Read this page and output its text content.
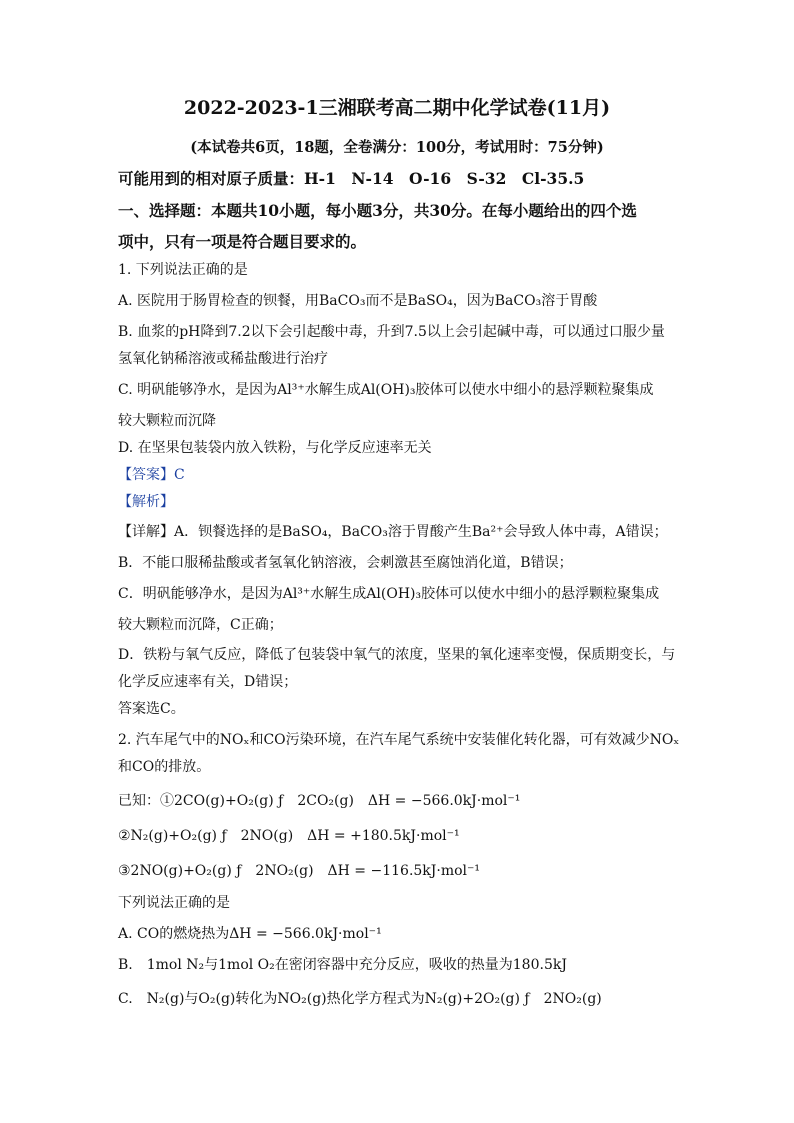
2022-2023-1三湘联考高二期中化学试卷(11月)
(本试卷共6页，18题，全卷满分：100分，考试用时：75分钟)
可能用到的相对原子质量：H-1　N-14　O-16　S-32　Cl-35.5
一、选择题：本题共10小题，每小题3分，共30分。在每小题给出的四个选
项中，只有一项是符合题目要求的。
1. 下列说法正确的是
A. 医院用于肠胃检查的钡餐，用BaCO₃而不是BaSO₄，因为BaCO₃溶于胃酸
B. 血浆的pH降到7.2以下会引起酸中毒，升到7.5以上会引起碱中毒，可以通过口服少量
氢氧化钠稀溶液或稀盐酸进行治疗
C. 明矾能够净水，是因为Al³⁺水解生成Al(OH)₃胶体可以使水中细小的悬浮颗粒聚集成
较大颗粒而沉降
D. 在坚果包装袋内放入铁粉，与化学反应速率无关
【答案】C
【解析】
【详解】A．钡餐选择的是BaSO₄，BaCO₃溶于胃酸产生Ba²⁺会导致人体中毒，A错误；
B．不能口服稀盐酸或者氢氧化钠溶液，会刺激甚至腐蚀消化道，B错误；
C．明矾能够净水，是因为Al³⁺水解生成Al(OH)₃胶体可以使水中细小的悬浮颗粒聚集成
较大颗粒而沉降，C正确；
D．铁粉与氧气反应，降低了包装袋中氧气的浓度，坚果的氧化速率变慢，保质期变长，与
化学反应速率有关，D错误；
答案选C。
2. 汽车尾气中的NOₓ和CO污染环境，在汽车尾气系统中安装催化转化器，可有效减少NOₓ
和CO的排放。
已知：①2CO(g)+O₂(g) ƒ　2CO₂(g)　ΔH = −566.0kJ·mol⁻¹
②N₂(g)+O₂(g) ƒ　2NO(g)　ΔH = +180.5kJ·mol⁻¹
③2NO(g)+O₂(g) ƒ　2NO₂(g)　ΔH = −116.5kJ·mol⁻¹
下列说法正确的是
A. CO的燃烧热为ΔH = −566.0kJ·mol⁻¹
B.　1mol N₂与1mol O₂在密闭容器中充分反应，吸收的热量为180.5kJ
C.　N₂(g)与O₂(g)转化为NO₂(g)热化学方程式为N₂(g)+2O₂(g) ƒ　2NO₂(g)
